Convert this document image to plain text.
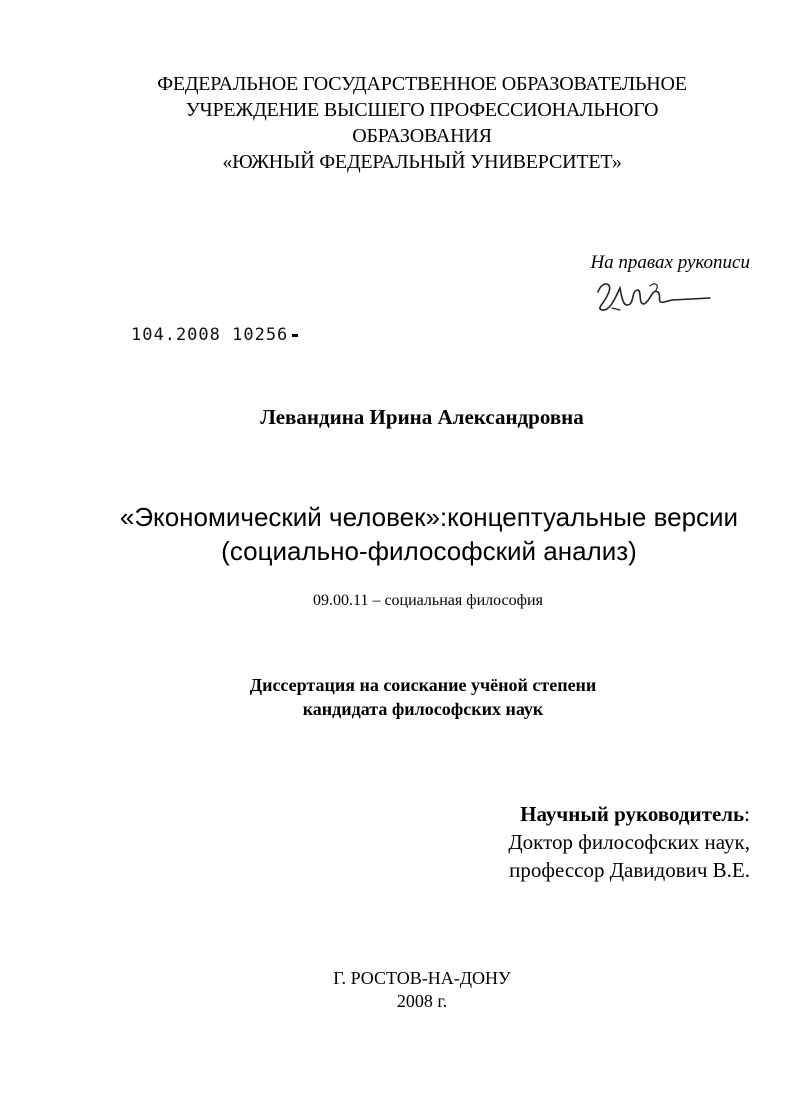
ФЕДЕРАЛЬНОЕ ГОСУДАРСТВЕННОЕ ОБРАЗОВАТЕЛЬНОЕ
УЧРЕЖДЕНИЕ ВЫСШЕГО ПРОФЕССИОНАЛЬНОГО
ОБРАЗОВАНИЯ
«ЮЖНЫЙ ФЕДЕРАЛЬНЫЙ УНИВЕРСИТЕТ»
На правах рукописи
104.2008 10256
Левандина Ирина Александровна
«Экономический человек»:концептуальные версии
(социально-философский анализ)
09.00.11 – социальная философия
Диссертация на соискание учёной степени
кандидата философских наук
Научный руководитель:
Доктор философских наук,
профессор Давидович В.Е.
Г. РОСТОВ-НА-ДОНУ
2008 г.
